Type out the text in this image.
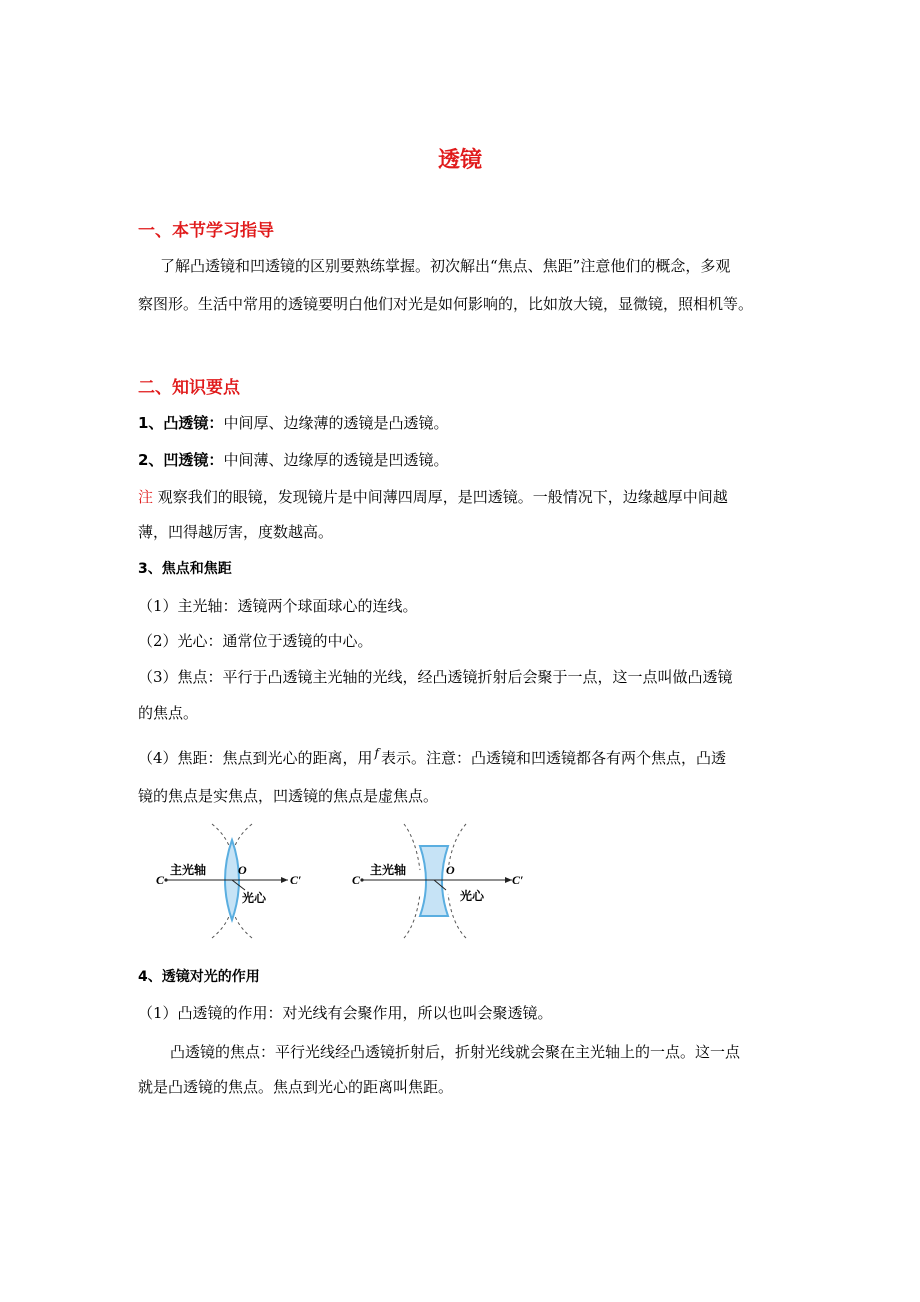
透镜
一、本节学习指导
了解凸透镜和凹透镜的区别要熟练掌握。初次解出“焦点、焦距”注意他们的概念，多观
察图形。生活中常用的透镜要明白他们对光是如何影响的，比如放大镜，显微镜，照相机等。
二、知识要点
1、凸透镜：中间厚、边缘薄的透镜是凸透镜。
2、凹透镜：中间薄、边缘厚的透镜是凹透镜。
注 观察我们的眼镜，发现镜片是中间薄四周厚，是凹透镜。一般情况下，边缘越厚中间越
薄，凹得越厉害，度数越高。
3、焦点和焦距
（1）主光轴：透镜两个球面球心的连线。
（2）光心：通常位于透镜的中心。
（3）焦点：平行于凸透镜主光轴的光线，经凸透镜折射后会聚于一点，这一点叫做凸透镜
的焦点。
（4）焦距：焦点到光心的距离，用 $^f$ 表示。注意：凸透镜和凹透镜都各有两个焦点，凸透
镜的焦点是实焦点，凹透镜的焦点是虚焦点。
C
主光轴	O
C′
光心
C
主光轴	O
C′
光心
4、透镜对光的作用
（1）凸透镜的作用：对光线有会聚作用，所以也叫会聚透镜。
凸透镜的焦点：平行光线经凸透镜折射后，折射光线就会聚在主光轴上的一点。这一点
就是凸透镜的焦点。焦点到光心的距离叫焦距。
